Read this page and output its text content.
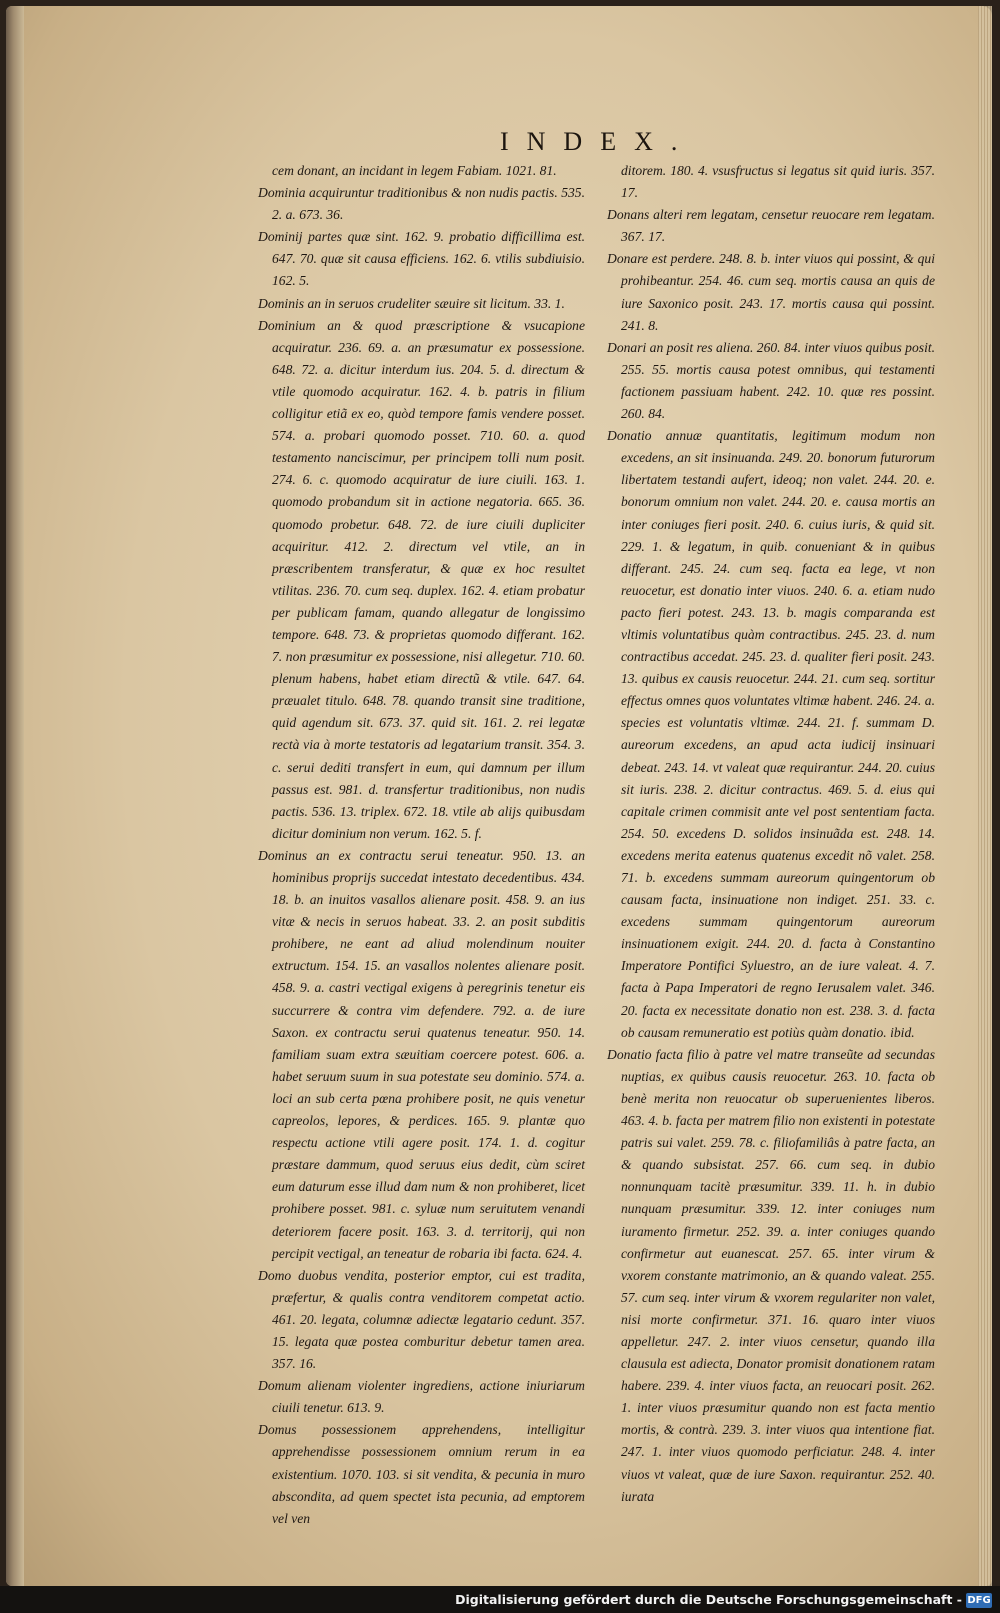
INDEX.

cem donant, an incidant in legem Fabiam. 1021. 81.

Dominia acquiruntur traditionibus & non nudis pactis. 535. 2. a. 673. 36.

Dominij partes quæ sint. 162. 9. probatio difficillima est. 647. 70. quæ sit causa efficiens. 162. 6. vtilis subdiuisio. 162. 5.

Dominis an in seruos crudeliter sæuire sit licitum. 33. 1.

Dominium an & quod præscriptione & vsucapione acquiratur. 236. 69. a. an præsumatur ex possessione. 648. 72. a. dicitur interdum ius. 204. 5. d. directum & vtile quomodo acquiratur. 162. 4. b. patris in filium colligitur etiã ex eo, quòd tempore famis vendere posset. 574. a. probari quomodo posset. 710. 60. a. quod testamento nanciscimur, per principem tolli num posit. 274. 6. c. quomodo acquiratur de iure ciuili. 163. 1. quomodo probandum sit in actione negatoria. 665. 36. quomodo probetur. 648. 72. de iure ciuili dupliciter acquiritur. 412. 2. directum vel vtile, an in præscribentem transferatur, & quæ ex hoc resultet vtilitas. 236. 70. cum seq. duplex. 162. 4. etiam probatur per publicam famam, quando allegatur de longissimo tempore. 648. 73. & proprietas quomodo differant. 162. 7. non præsumitur ex possessione, nisi allegetur. 710. 60. plenum habens, habet etiam directũ & vtile. 647. 64. præualet titulo. 648. 78. quando transit sine traditione, quid agendum sit. 673. 37. quid sit. 161. 2. rei legatæ rectà via à morte testatoris ad legatarium transit. 354. 3. c. serui dediti transfert in eum, qui damnum per illum passus est. 981. d. transfertur traditionibus, non nudis pactis. 536. 13. triplex. 672. 18. vtile ab alijs quibusdam dicitur dominium non verum. 162. 5. f.

Dominus an ex contractu serui teneatur. 950. 13. an hominibus proprijs succedat intestato decedentibus. 434. 18. b. an inuitos vasallos alienare posit. 458. 9. an ius vitæ & necis in seruos habeat. 33. 2. an posit subditis prohibere, ne eant ad aliud molendinum nouiter extructum. 154. 15. an vasallos nolentes alienare posit. 458. 9. a. castri vectigal exigens à peregrinis tenetur eis succurrere & contra vim defendere. 792. a. de iure Saxon. ex contractu serui quatenus teneatur. 950. 14. familiam suam extra sæuitiam coercere potest. 606. a. habet seruum suum in sua potestate seu dominio. 574. a. loci an sub certa pœna prohibere posit, ne quis venetur capreolos, lepores, & perdices. 165. 9. plantæ quo respectu actione vtili agere posit. 174. 1. d. cogitur præstare dammum, quod seruus eius dedit, cùm sciret eum daturum esse illud dam num & non prohiberet, licet prohibere posset. 981. c. syluæ num seruitutem venandi deteriorem facere posit. 163. 3. d. territorij, qui non percipit vectigal, an teneatur de robaria ibi facta. 624. 4.

Domo duobus vendita, posterior emptor, cui est tradita, præfertur, & qualis contra venditorem competat actio. 461. 20. legata, columnæ adiectæ legatario cedunt. 357. 15. legata quæ postea comburitur debetur tamen area. 357. 16.

Domum alienam violenter ingrediens, actione iniuriarum ciuili tenetur. 613. 9.

Domus possessionem apprehendens, intelligitur apprehendisse possessionem omnium rerum in ea existentium. 1070. 103. si sit vendita, & pecunia in muro abscondita, ad quem spectet ista pecunia, ad emptorem vel ven

ditorem. 180. 4. vsusfructus si legatus sit quid iuris. 357. 17.

Donans alteri rem legatam, censetur reuocare rem legatam. 367. 17.

Donare est perdere. 248. 8. b. inter viuos qui possint, & qui prohibeantur. 254. 46. cum seq. mortis causa an quis de iure Saxonico posit. 243. 17. mortis causa qui possint. 241. 8.

Donari an posit res aliena. 260. 84. inter viuos quibus posit. 255. 55. mortis causa potest omnibus, qui testamenti factionem passiuam habent. 242. 10. quæ res possint. 260. 84.

Donatio annuæ quantitatis, legitimum modum non excedens, an sit insinuanda. 249. 20. bonorum futurorum libertatem testandi aufert, ideoq; non valet. 244. 20. e. bonorum omnium non valet. 244. 20. e. causa mortis an inter coniuges fieri posit. 240. 6. cuius iuris, & quid sit. 229. 1. & legatum, in quib. conueniant & in quibus differant. 245. 24. cum seq. facta ea lege, vt non reuocetur, est donatio inter viuos. 240. 6. a. etiam nudo pacto fieri potest. 243. 13. b. magis comparanda est vltimis voluntatibus quàm contractibus. 245. 23. d. num contractibus accedat. 245. 23. d. qualiter fieri posit. 243. 13. quibus ex causis reuocetur. 244. 21. cum seq. sortitur effectus omnes quos voluntates vltimæ habent. 246. 24. a. species est voluntatis vltimæ. 244. 21. f. summam D. aureorum excedens, an apud acta iudicij insinuari debeat. 243. 14. vt valeat quæ requirantur. 244. 20. cuius sit iuris. 238. 2. dicitur contractus. 469. 5. d. eius qui capitale crimen commisit ante vel post sententiam facta. 254. 50. excedens D. solidos insinuãda est. 248. 14. excedens merita eatenus quatenus excedit nõ valet. 258. 71. b. excedens summam aureorum quingentorum ob causam facta, insinuatione non indiget. 251. 33. c. excedens summam quingentorum aureorum insinuationem exigit. 244. 20. d. facta à Constantino Imperatore Pontifici Syluestro, an de iure valeat. 4. 7. facta à Papa Imperatori de regno Ierusalem valet. 346. 20. facta ex necessitate donatio non est. 238. 3. d. facta ob causam remuneratio est potiùs quàm donatio. ibid.

Donatio facta filio à patre vel matre transeũte ad secundas nuptias, ex quibus causis reuocetur. 263. 10. facta ob benè merita non reuocatur ob superuenientes liberos. 463. 4. b. facta per matrem filio non existenti in potestate patris sui valet. 259. 78. c. filiofamiliâs à patre facta, an & quando subsistat. 257. 66. cum seq. in dubio nonnunquam tacitè præsumitur. 339. 11. h. in dubio nunquam præsumitur. 339. 12. inter coniuges num iuramento firmetur. 252. 39. a. inter coniuges quando confirmetur aut euanescat. 257. 65. inter virum & vxorem constante matrimonio, an & quando valeat. 255. 57. cum seq. inter virum & vxorem regulariter non valet, nisi morte confirmetur. 371. 16. quaro inter viuos appelletur. 247. 2. inter viuos censetur, quando illa clausula est adiecta, Donator promisit donationem ratam habere. 239. 4. inter viuos facta, an reuocari posit. 262. 1. inter viuos præsumitur quando non est facta mentio mortis, & contrà. 239. 3. inter viuos qua intentione fiat. 247. 1. inter viuos quomodo perficiatur. 248. 4. inter viuos vt valeat, quæ de iure Saxon. requirantur. 252. 40. iurata

Digitalisierung gefördert durch die Deutsche Forschungsgemeinschaft - DFG
